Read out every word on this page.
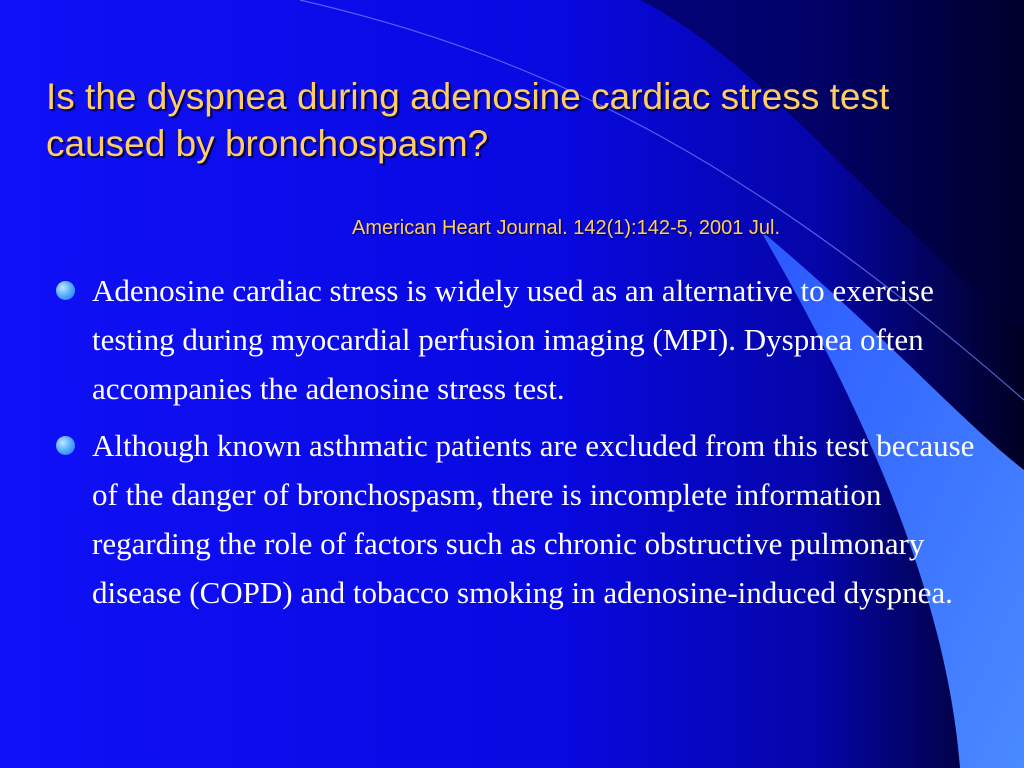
Is the dyspnea during adenosine cardiac stress test caused by bronchospasm?
American Heart Journal. 142(1):142-5, 2001 Jul.
Adenosine cardiac stress is widely used as an alternative to exercise testing during myocardial perfusion imaging (MPI). Dyspnea often accompanies the adenosine stress test.
Although known asthmatic patients are excluded from this test because of the danger of bronchospasm, there is incomplete information regarding the role of factors such as chronic obstructive pulmonary disease (COPD) and tobacco smoking in adenosine-induced dyspnea.
